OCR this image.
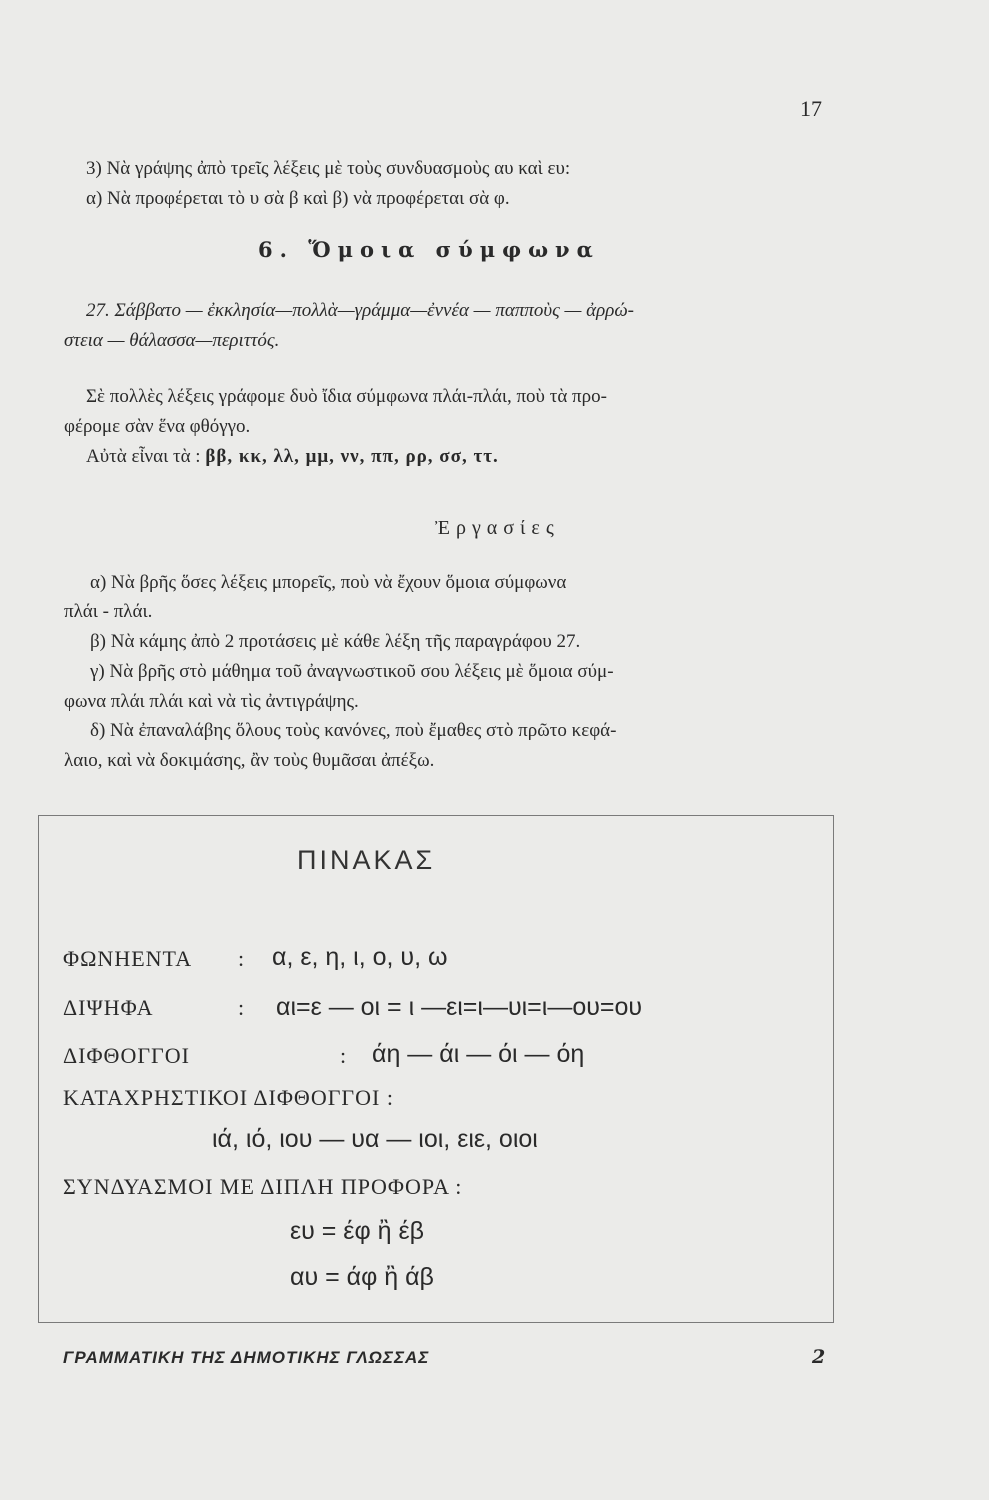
17
3) Νὰ γράψης ἀπὸ τρεῖς λέξεις μὲ τοὺς συνδυασμοὺς αυ καὶ ευ:
α) Νὰ προφέρεται τὸ υ σὰ β καὶ β) νὰ προφέρεται σὰ φ.
6. Ὅμοια σύμφωνα
27. Σάββατο — ἐκκλησία—πολλὰ—γράμμα—ἐννέα — παπποὺς — ἀρρώ-
στεια — θάλασσα—περιττός.
Σὲ πολλὲς λέξεις γράφομε δυὸ ἴδια σύμφωνα πλάι-πλάι, ποὺ τὰ προ-
φέρομε σὰν ἕνα φθόγγο.
Αὐτὰ εἶναι τὰ : ββ, κκ, λλ, μμ, νν, ππ, ρρ, σσ, ττ.
Ἐργασίες
α) Νὰ βρῆς ὅσες λέξεις μπορεῖς, ποὺ νὰ ἔχουν ὅμοια σύμφωνα
πλάι - πλάι.
β) Νὰ κάμης ἀπὸ 2 προτάσεις μὲ κάθε λέξη τῆς παραγράφου 27.
γ) Νὰ βρῆς στὸ μάθημα τοῦ ἀναγνωστικοῦ σου λέξεις μὲ ὅμοια σύμ-
φωνα πλάι πλάι καὶ νὰ τὶς ἀντιγράψης.
δ) Νὰ ἐπαναλάβης ὅλους τοὺς κανόνες, ποὺ ἔμαθες στὸ πρῶτο κεφά-
λαιο, καὶ νὰ δοκιμάσης, ἂν τοὺς θυμᾶσαι ἀπέξω.
ΠΙΝΑΚΑΣ
ΦΩΝΗΕΝΤΑ : α, ε, η, ι, ο, υ, ω
ΔΙΨΗΦΑ	: αι=ε — οι = ι —ει=ι—υι=ι—ου=ου
ΔΙΦΘΟΓΓΟΙ	: άη — άι — όι — όη
ΚΑΤΑΧΡΗΣΤΙΚΟΙ ΔΙΦΘΟΓΓΟΙ :
ιά, ιό, ιου — υα — ιοι, ειε, οιοι
ΣΥΝΔΥΑΣΜΟΙ ΜΕ ΔΙΠΛΗ ΠΡΟΦΟΡΑ :
ευ = έφ ἢ έβ
αυ = άφ ἢ άβ
ΓΡΑΜΜΑΤΙΚΗ ΤΗΣ ΔΗΜΟΤΙΚΗΣ ΓΛΩΣΣΑΣ	2
